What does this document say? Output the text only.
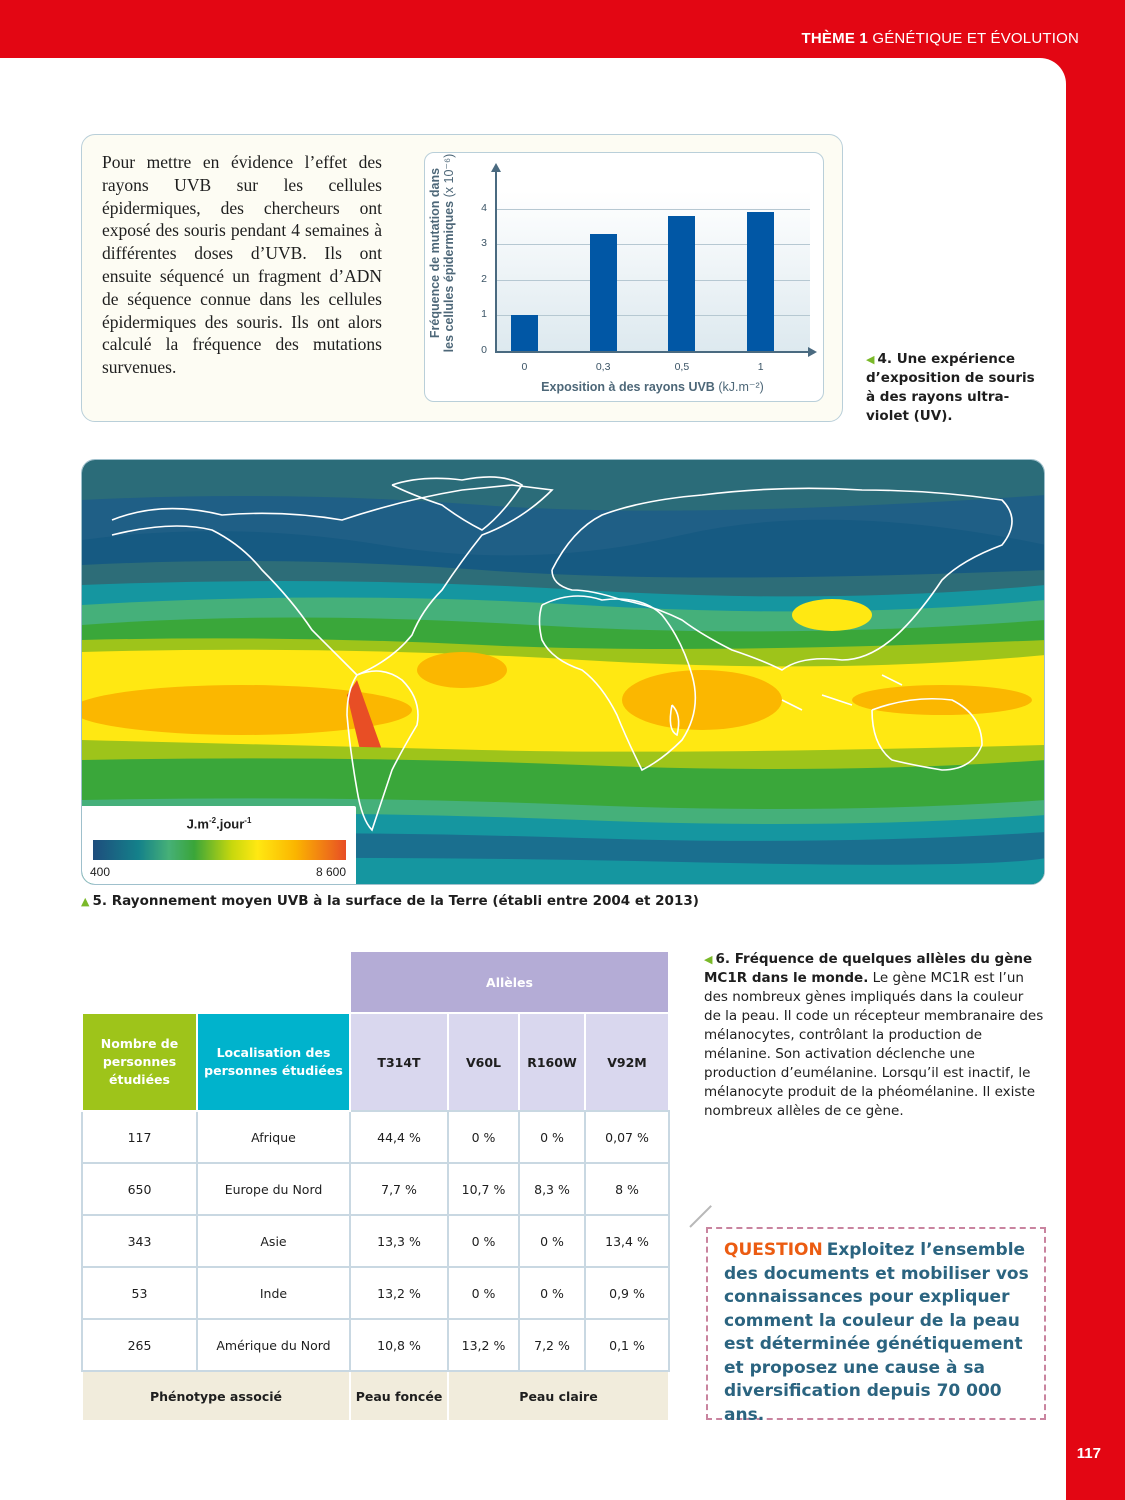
THÈME 1 GÉNÉTIQUE ET ÉVOLUTION
117

Pour mettre en évidence l’effet des rayons UVB sur les cellules épidermiques, des chercheurs ont exposé des souris pendant 4 semaines à différentes doses d’UVB. Ils ont ensuite séquencé un fragment d’ADN de séquence connue dans les cellules épidermiques des souris. Ils ont alors calculé la fréquence des mutations survenues.

0
1
2
3
4
0	0,3	0,5	1
Exposition à des rayons UVB (kJ.m⁻²)
Fréquence de mutation dans les cellules épidermiques (x 10⁻⁶)
◀ 4. Une expérience d’exposition de souris à des rayons ultra-violet (UV).
$J.m^{-2}.jour^{-1}$
400	8 600
▲ 5. Rayonnement moyen UVB à la surface de la Terre (établi entre 2004 et 2013)
		Allèles			
Nombre de personnes étudiées	Localisation des personnes étudiées	T314T	V60L	R160W	V92M
117	Afrique	44,4 %	0 %	0 %	0,07 %
650	Europe du Nord	7,7 %	10,7 %	8,3 %	8 %
343	Asie	13,3 %	0 %	0 %	13,4 %
53	Inde	13,2 %	0 %	0 %	0,9 %
265	Amérique du Nord	10,8 %	13,2 %	7,2 %	0,1 %
Phénotype associé		Peau foncée	Peau claire		
◀ 6. Fréquence de quelques allèles du gène MC1R dans le monde. Le gène MC1R est l’un des nombreux gènes impliqués dans la couleur de la peau. Il code un récepteur membranaire des mélanocytes, contrôlant la production de mélanine. Son activation déclenche une production d’eumélanine. Lorsqu’il est inactif, le mélanocyte produit de la phéomélanine. Il existe nombreux allèles de ce gène.
QUESTION Exploitez l’ensemble des documents et mobiliser vos connaissances pour expliquer comment la couleur de la peau est déterminée génétiquement et proposez une cause à sa diversification depuis 70 000 ans.
